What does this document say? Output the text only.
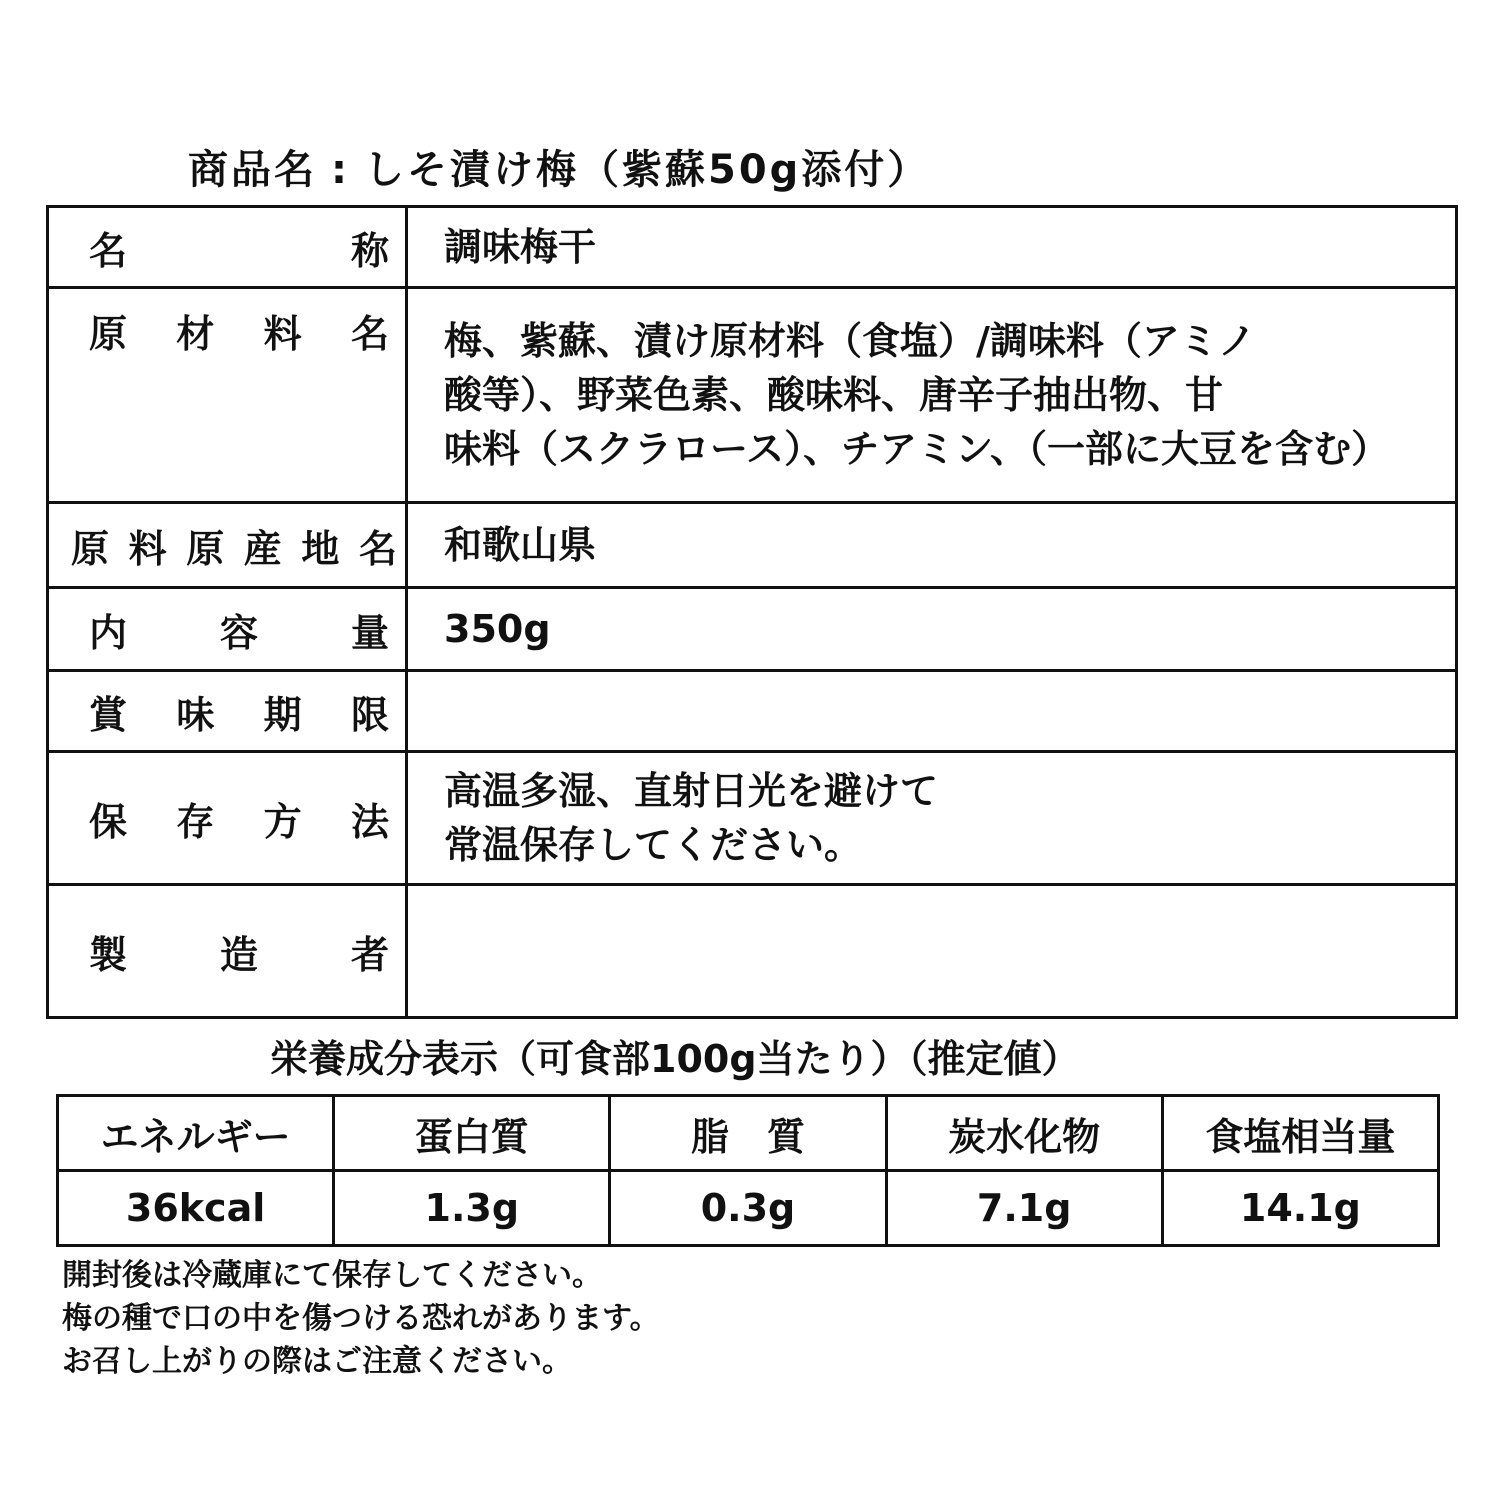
商品名 : しそ漬け梅（紫蘇50g添付）
名　称	調味梅干

原材料名	梅、紫蘇、漬け原材料（食塩）/調味料（アミノ
酸等）、野菜色素、酸味料、唐辛子抽出物、甘
味料（スクラロース）、チアミン、（一部に大豆を含む）

原料原産地名	和歌山県

内容量	350g

賞味期限	

保存方法	高温多湿、直射日光を避けて
常温保存してください。

製造者	
栄養成分表示（可食部100g当たり）（推定値）
エネルギー	蛋白質	脂　質	炭水化物	食塩相当量
36kcal	1.3g	0.3g	7.1g	14.1g
開封後は冷蔵庫にて保存してください。
梅の種で口の中を傷つける恐れがあります。
お召し上がりの際はご注意ください。
